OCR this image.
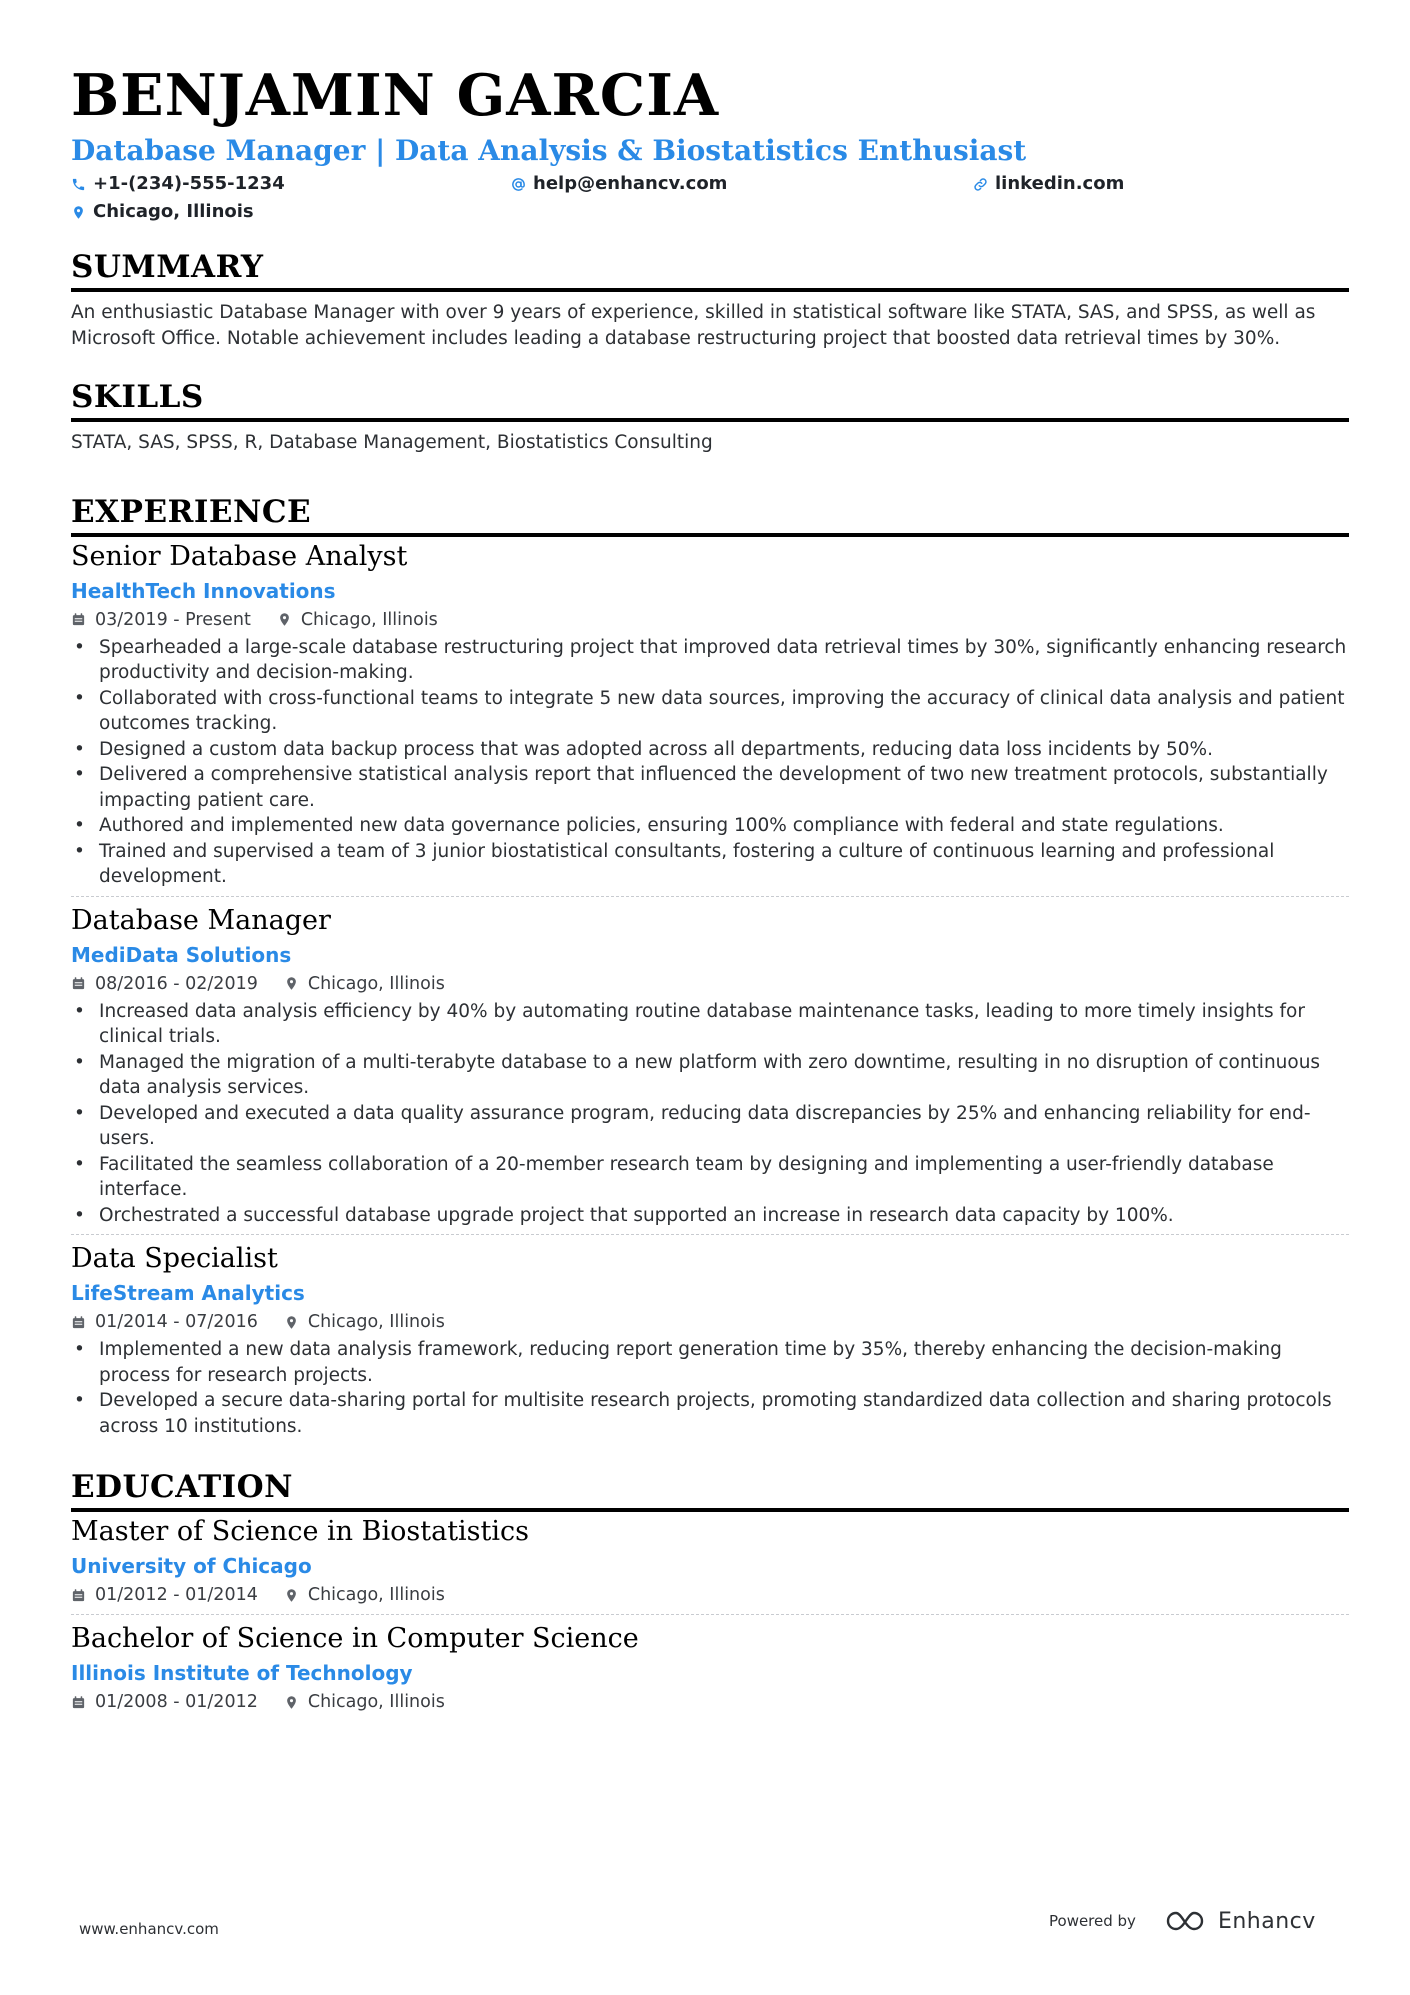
BENJAMIN GARCIA
Database Manager | Data Analysis & Biostatistics Enthusiast
+1-(234)-555-1234	help@enhancv.com	linkedin.com
Chicago, Illinois
SUMMARY

An enthusiastic Database Manager with over 9 years of experience, skilled in statistical software like STATA, SAS, and SPSS, as well as Microsoft Office. Notable achievement includes leading a database restructuring project that boosted data retrieval times by 30%.

SKILLS

STATA, SAS, SPSS, R, Database Management, Biostatistics Consulting

EXPERIENCE
Senior Database Analyst
HealthTech Innovations
03/2019 - Present	Chicago, Illinois
• Spearheaded a large-scale database restructuring project that improved data retrieval times by 30%, significantly enhancing research productivity and decision-making.
• Collaborated with cross-functional teams to integrate 5 new data sources, improving the accuracy of clinical data analysis and patient outcomes tracking.
• Designed a custom data backup process that was adopted across all departments, reducing data loss incidents by 50%.
• Delivered a comprehensive statistical analysis report that influenced the development of two new treatment protocols, substantially impacting patient care.
• Authored and implemented new data governance policies, ensuring 100% compliance with federal and state regulations.
• Trained and supervised a team of 3 junior biostatistical consultants, fostering a culture of continuous learning and professional development.
Database Manager
MediData Solutions
08/2016 - 02/2019	Chicago, Illinois
• Increased data analysis efficiency by 40% by automating routine database maintenance tasks, leading to more timely insights for clinical trials.
• Managed the migration of a multi-terabyte database to a new platform with zero downtime, resulting in no disruption of continuous data analysis services.
• Developed and executed a data quality assurance program, reducing data discrepancies by 25% and enhancing reliability for end-users.
• Facilitated the seamless collaboration of a 20-member research team by designing and implementing a user-friendly database interface.
• Orchestrated a successful database upgrade project that supported an increase in research data capacity by 100%.
Data Specialist
LifeStream Analytics
01/2014 - 07/2016	Chicago, Illinois
• Implemented a new data analysis framework, reducing report generation time by 35%, thereby enhancing the decision-making process for research projects.
• Developed a secure data-sharing portal for multisite research projects, promoting standardized data collection and sharing protocols across 10 institutions.
EDUCATION
Master of Science in Biostatistics
University of Chicago
01/2012 - 01/2014	Chicago, Illinois
Bachelor of Science in Computer Science
Illinois Institute of Technology
01/2008 - 01/2012	Chicago, Illinois
www.enhancv.com	Powered by	Enhancv
